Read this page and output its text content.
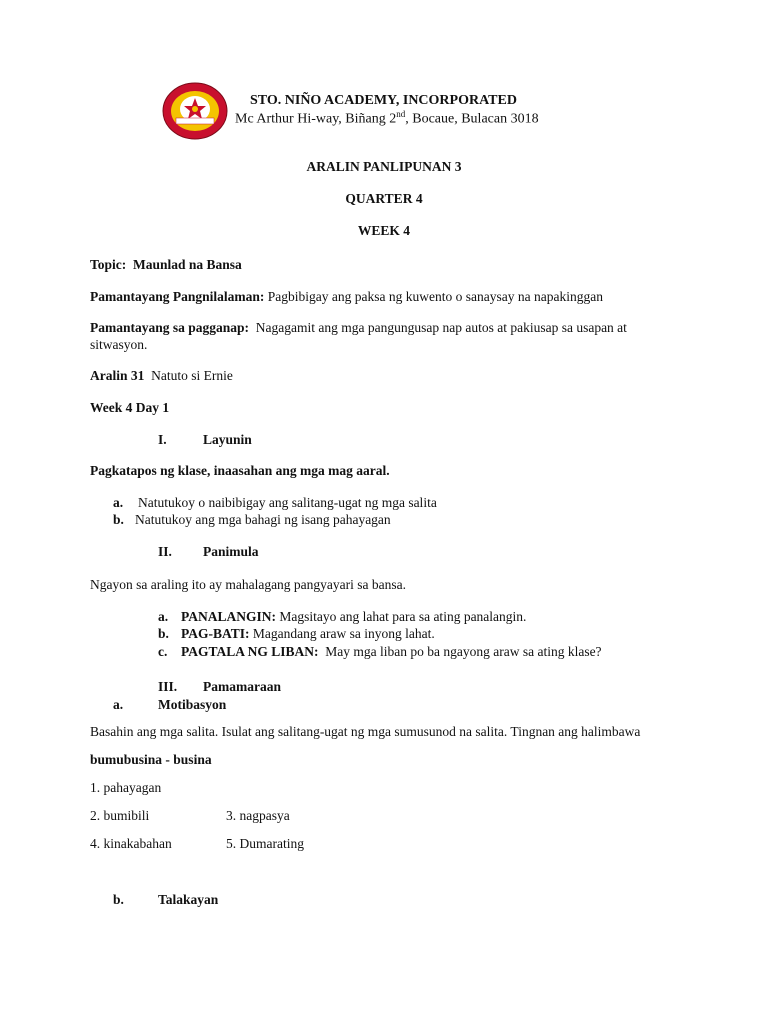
STO. NIÑO ACADEMY, INCORPORATED
Mc Arthur Hi-way, Biñang 2nd, Bocaue, Bulacan 3018
ARALIN PANLIPUNAN 3
QUARTER 4
WEEK 4
Topic: Maunlad na Bansa
Pamantayang Pangnilalaman: Pagbibigay ang paksa ng kuwento o sanaysay na napakinggan
Pamantayang sa pagganap: Nagagamit ang mga pangungusap nap autos at pakiusap sa usapan at
sitwasyon.
Aralin 31 Natuto si Ernie
Week 4 Day 1
I.	Layunin
Pagkatapos ng klase, inaasahan ang mga mag aaral.
a. Natutukoy o naibibigay ang salitang-ugat ng mga salita
b. Natutukoy ang mga bahagi ng isang pahayagan
II. Panimula
Ngayon sa araling ito ay mahalagang pangyayari sa bansa.
a. PANALANGIN: Magsitayo ang lahat para sa ating panalangin.
b. PAG-BATI: Magandang araw sa inyong lahat.
c. PAGTALA NG LIBAN: May mga liban po ba ngayong araw sa ating klase?
III. Pamamaraan
a.	Motibasyon
Basahin ang mga salita. Isulat ang salitang-ugat ng mga sumusunod na salita. Tingnan ang halimbawa
bumubusina - busina
1. pahayagan
2. bumibili	3. nagpasya
4. kinakabahan	5. Dumarating
b.	Talakayan
